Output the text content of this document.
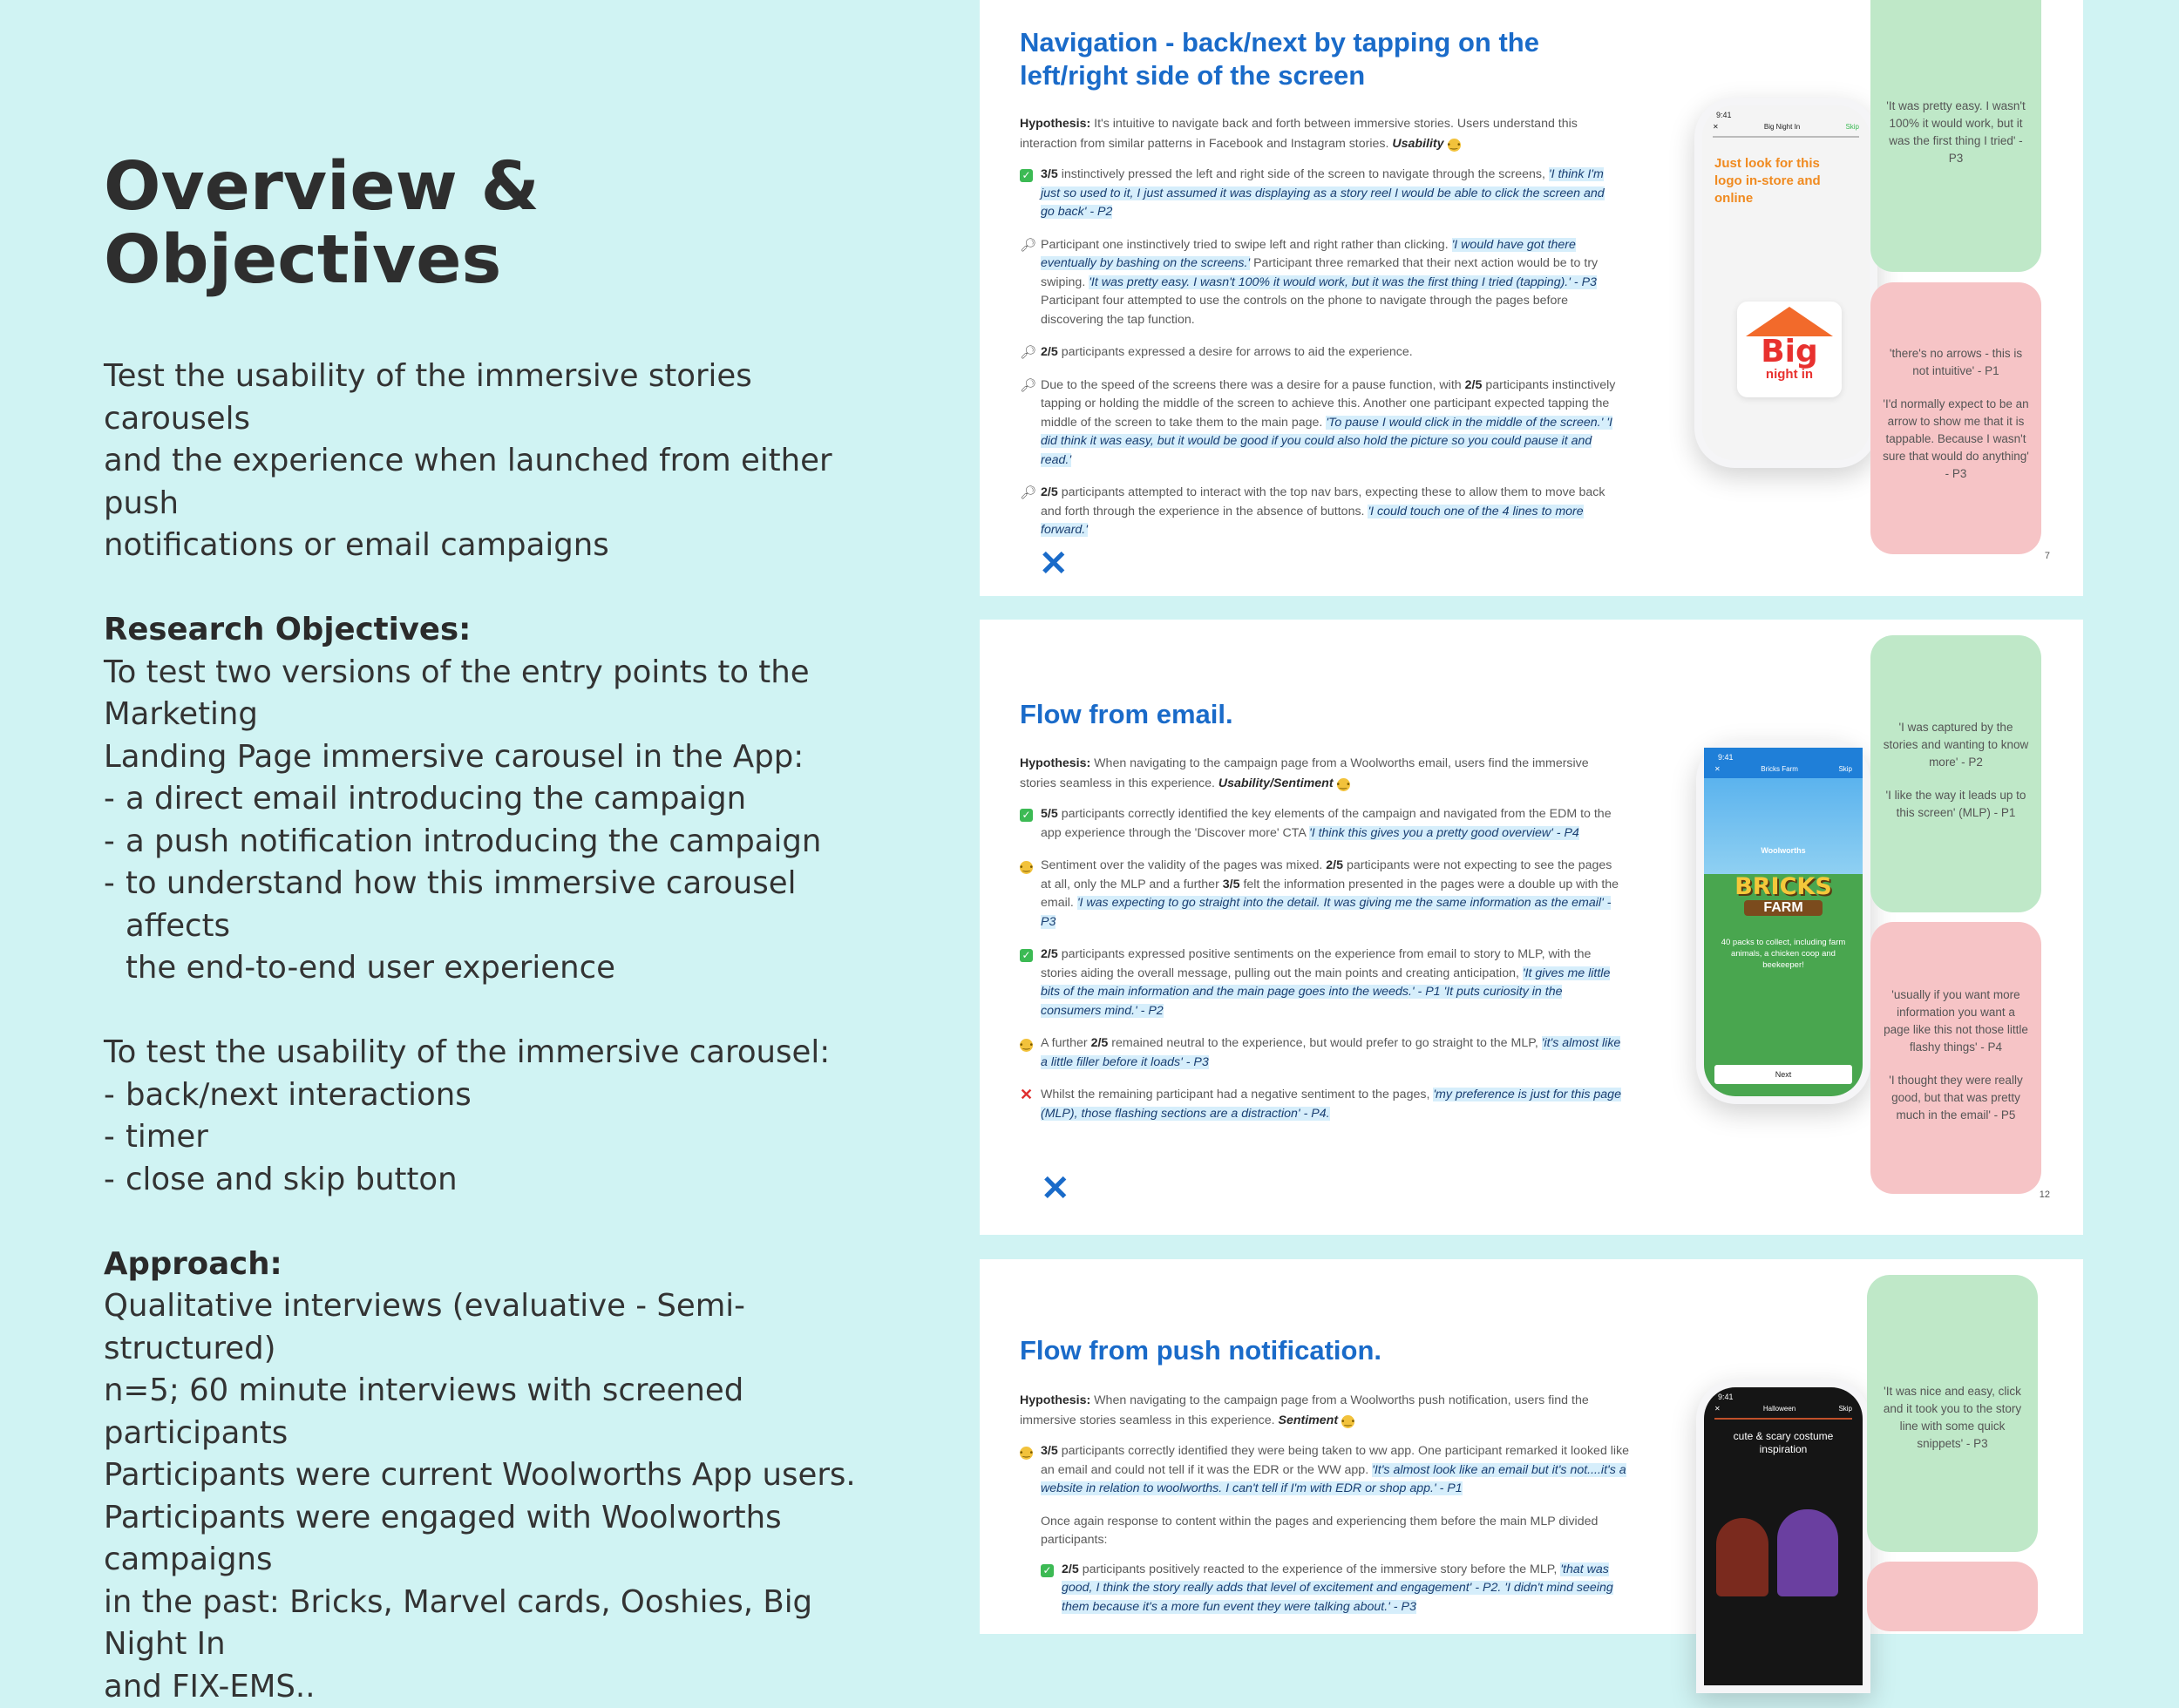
Overview &
Objectives
Test the usability of the immersive stories carousels
and the experience when launched from either push
notifications or email campaigns
Research Objectives:
To test two versions of the entry points to the Marketing
Landing Page immersive carousel in the App:
- a direct email introducing the campaign
- a push notification introducing the campaign
- to understand how this immersive carousel affects
the end-to-end user experience
To test the usability of the immersive carousel:
- back/next interactions
- timer
- close and skip button
Approach:
Qualitative interviews (evaluative - Semi-structured)
n=5; 60 minute interviews with screened participants
Participants were current Woolworths App users.
Participants were engaged with Woolworths campaigns
in the past: Bricks, Marvel cards, Ooshies, Big Night In
and FIX-EMS..
Navigation - back/next by tapping on the left/right side of the screen
Hypothesis: It's intuitive to navigate back and forth between immersive stories. Users understand this interaction from similar patterns in Facebook and Instagram stories. Usability •‿•
✓ 3/5 instinctively pressed the left and right side of the screen to navigate through the screens, 'I think I'm just so used to it, I just assumed it was displaying as a story reel I would be able to click the screen and go back' - P2
🔎︎ Participant one instinctively tried to swipe left and right rather than clicking. 'I would have got there eventually by bashing on the screens.' Participant three remarked that their next action would be to try swiping. 'It was pretty easy. I wasn't 100% it would work, but it was the first thing I tried (tapping).' - P3 Participant four attempted to use the controls on the phone to navigate through the pages before discovering the tap function.
🔎︎ 2/5 participants expressed a desire for arrows to aid the experience.
🔎︎ Due to the speed of the screens there was a desire for a pause function, with 2/5 participants instinctively tapping or holding the middle of the screen to achieve this. Another one participant expected tapping the middle of the screen to take them to the main page. 'To pause I would click in the middle of the screen.' 'I did think it was easy, but it would be good if you could also hold the picture so you could pause it and read.'
🔎︎ 2/5 participants attempted to interact with the top nav bars, expecting these to allow them to move back and forth through the experience in the absence of buttons. 'I could touch one of the 4 lines to more forward.'
✕
9:41
✕	Big Night In	Skip
Just look for this logo in-store and online
Big
night in

'It was pretty easy. I wasn't 100% it would work, but it was the first thing I tried' - P3

'there's no arrows - this is not intuitive' - P1

'I'd normally expect to be an arrow to show me that it is tappable. Because I wasn't sure that would do anything' - P3

7
Flow from email.
Hypothesis: When navigating to the campaign page from a Woolworths email, users find the immersive stories seamless in this experience. Usability/Sentiment •‿•
✓ 5/5 participants correctly identified the key elements of the campaign and navigated from the EDM to the app experience through the 'Discover more' CTA 'I think this gives you a pretty good overview' - P4
•‿• Sentiment over the validity of the pages was mixed. 2/5 participants were not expecting to see the pages at all, only the MLP and a further 3/5 felt the information presented in the pages were a double up with the email. 'I was expecting to go straight into the detail. It was giving me the same information as the email' - P3
✓ 2/5 participants expressed positive sentiments on the experience from email to story to MLP, with the stories aiding the overall message, pulling out the main points and creating anticipation, 'It gives me little bits of the main information and the main page goes into the weeds.' - P1 'It puts curiosity in the consumers mind.' - P2
•‿• A further 2/5 remained neutral to the experience, but would prefer to go straight to the MLP, 'it's almost like a little filler before it loads' - P3
✕ Whilst the remaining participant had a negative sentiment to the pages, 'my preference is just for this page (MLP), those flashing sections are a distraction' - P4.
✕
9:41
✕	Bricks Farm	Skip
Woolworths
BRICKS
FARM
40 packs to collect, including farm animals, a chicken coop and beekeeper!
Next

'I was captured by the stories and wanting to know more' - P2

'I like the way it leads up to this screen' (MLP) - P1

'usually if you want more information you want a page like this not those little flashy things' - P4

'I thought they were really good, but that was pretty much in the email' - P5

12
Flow from push notification.
Hypothesis: When navigating to the campaign page from a Woolworths push notification, users find the immersive stories seamless in this experience. Sentiment •‿•
•‿• 3/5 participants correctly identified they were being taken to ww app. One participant remarked it looked like an email and could not tell if it was the EDR or the WW app. 'It's almost look like an email but it's not....it's a website in relation to woolworths. I can't tell if I'm with EDR or shop app.' - P1
Once again response to content within the pages and experiencing them before the main MLP divided participants:
✓ 2/5 participants positively reacted to the experience of the immersive story before the MLP, 'that was good, I think the story really adds that level of excitement and engagement' - P2. 'I didn't mind seeing them because it's a more fun event they were talking about.' - P3
9:41
✕	Halloween	Skip
cute & scary costume inspiration

'It was nice and easy, click and it took you to the story line with some quick snippets' - P3
